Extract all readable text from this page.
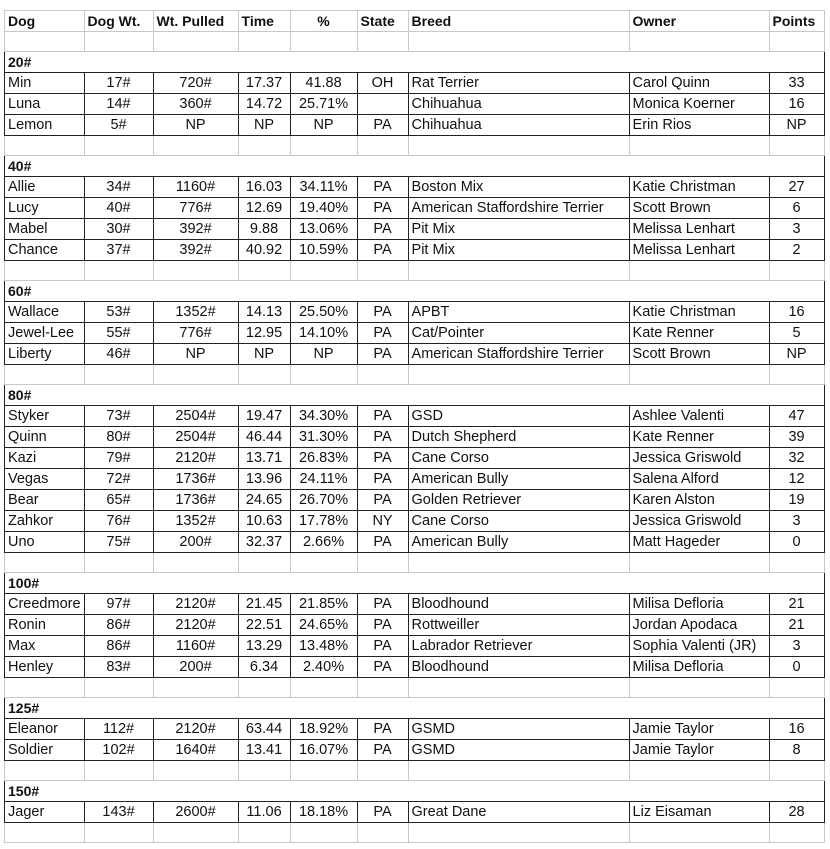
Dog	Dog Wt.	Wt. Pulled	Time	%	State	Breed	Owner	Points

20#								
Min	17#	720#	17.37	41.88	OH	Rat Terrier	Carol Quinn	33
Luna	14#	360#	14.72	25.71%		Chihuahua	Monica Koerner	16
Lemon	5#	NP	NP	NP	PA	Chihuahua	Erin Rios	NP

40#								
Allie	34#	1160#	16.03	34.11%	PA	Boston Mix	Katie Christman	27
Lucy	40#	776#	12.69	19.40%	PA	American Staffordshire Terrier	Scott Brown	6
Mabel	30#	392#	9.88	13.06%	PA	Pit Mix	Melissa Lenhart	3
Chance	37#	392#	40.92	10.59%	PA	Pit Mix	Melissa Lenhart	2

60#								
Wallace	53#	1352#	14.13	25.50%	PA	APBT	Katie Christman	16
Jewel-Lee	55#	776#	12.95	14.10%	PA	Cat/Pointer	Kate Renner	5
Liberty	46#	NP	NP	NP	PA	American Staffordshire Terrier	Scott Brown	NP

80#								
Styker	73#	2504#	19.47	34.30%	PA	GSD	Ashlee Valenti	47
Quinn	80#	2504#	46.44	31.30%	PA	Dutch Shepherd	Kate Renner	39
Kazi	79#	2120#	13.71	26.83%	PA	Cane Corso	Jessica Griswold	32
Vegas	72#	1736#	13.96	24.11%	PA	American Bully	Salena Alford	12
Bear	65#	1736#	24.65	26.70%	PA	Golden Retriever	Karen Alston	19
Zahkor	76#	1352#	10.63	17.78%	NY	Cane Corso	Jessica Griswold	3
Uno	75#	200#	32.37	2.66%	PA	American Bully	Matt Hageder	0

100#								
Creedmore	97#	2120#	21.45	21.85%	PA	Bloodhound	Milisa Defloria	21
Ronin	86#	2120#	22.51	24.65%	PA	Rottweiller	Jordan Apodaca	21
Max	86#	1160#	13.29	13.48%	PA	Labrador Retriever	Sophia Valenti (JR)	3
Henley	83#	200#	6.34	2.40%	PA	Bloodhound	Milisa Defloria	0

125#								
Eleanor	112#	2120#	63.44	18.92%	PA	GSMD	Jamie Taylor	16
Soldier	102#	1640#	13.41	16.07%	PA	GSMD	Jamie Taylor	8

150#								
Jager	143#	2600#	11.06	18.18%	PA	Great Dane	Liz Eisaman	28
